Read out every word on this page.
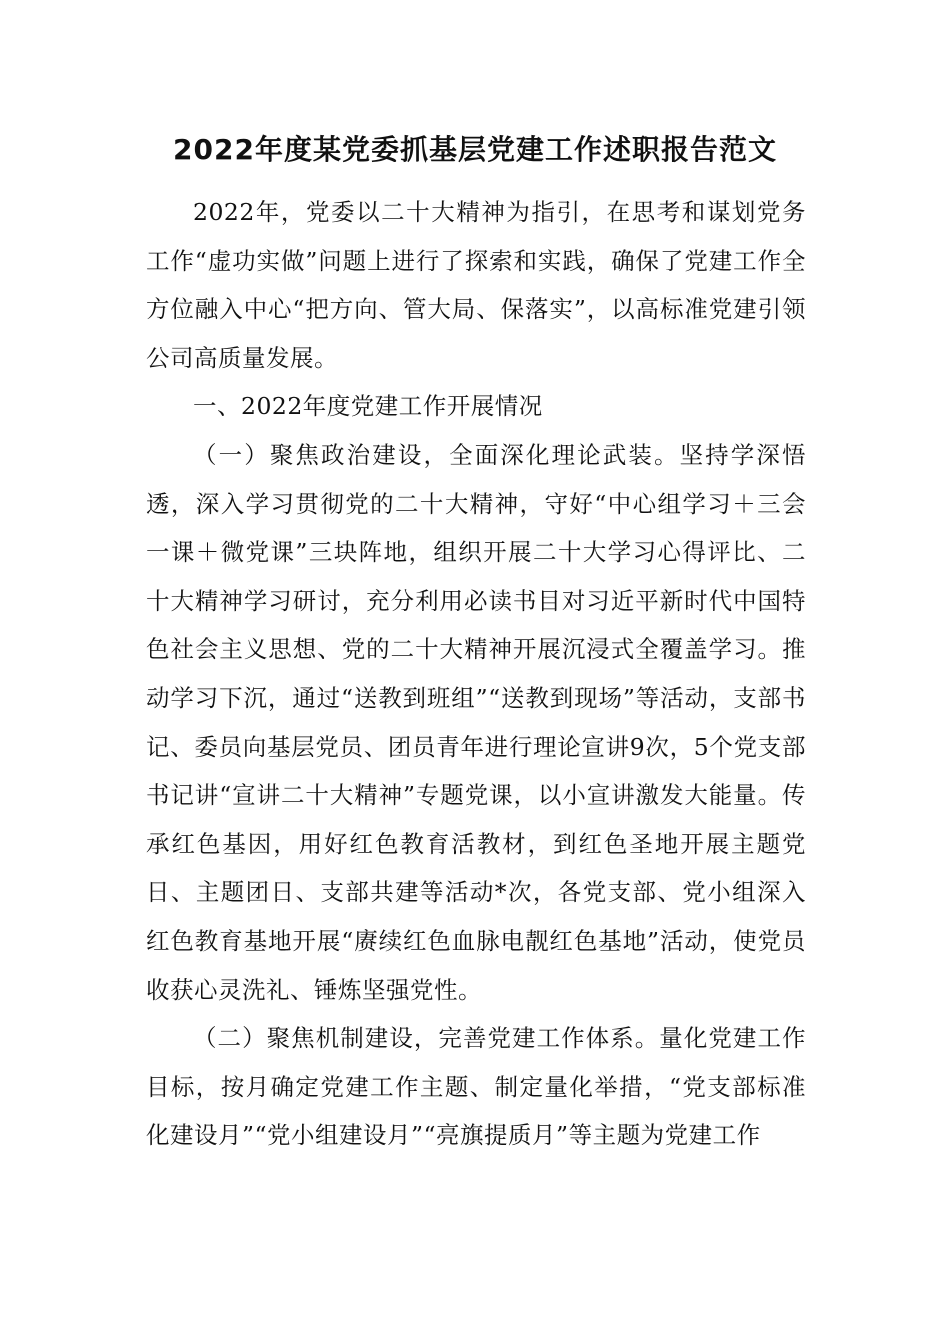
2022年度某党委抓基层党建工作述职报告范文

2022年，党委以二十大精神为指引，在思考和谋划党务工作“虚功实做”问题上进行了探索和实践，确保了党建工作全方位融入中心“把方向、管大局、保落实”，以高标准党建引领公司高质量发展。

一、2022年度党建工作开展情况

（一）聚焦政治建设，全面深化理论武装。坚持学深悟透，深入学习贯彻党的二十大精神，守好“中心组学习＋三会一课＋微党课”三块阵地，组织开展二十大学习心得评比、二十大精神学习研讨，充分利用必读书目对习近平新时代中国特色社会主义思想、党的二十大精神开展沉浸式全覆盖学习。推动学习下沉，通过“送教到班组”“送教到现场”等活动，支部书记、委员向基层党员、团员青年进行理论宣讲9次，5个党支部书记讲“宣讲二十大精神”专题党课，以小宣讲激发大能量。传承红色基因，用好红色教育活教材，到红色圣地开展主题党日、主题团日、支部共建等活动*次，各党支部、党小组深入红色教育基地开展“赓续红色血脉电靓红色基地”活动，使党员收获心灵洗礼、锤炼坚强党性。

（二）聚焦机制建设，完善党建工作体系。量化党建工作目标，按月确定党建工作主题、制定量化举措，“党支部标准化建设月”“党小组建设月”“亮旗提质月”等主题为党建工作
